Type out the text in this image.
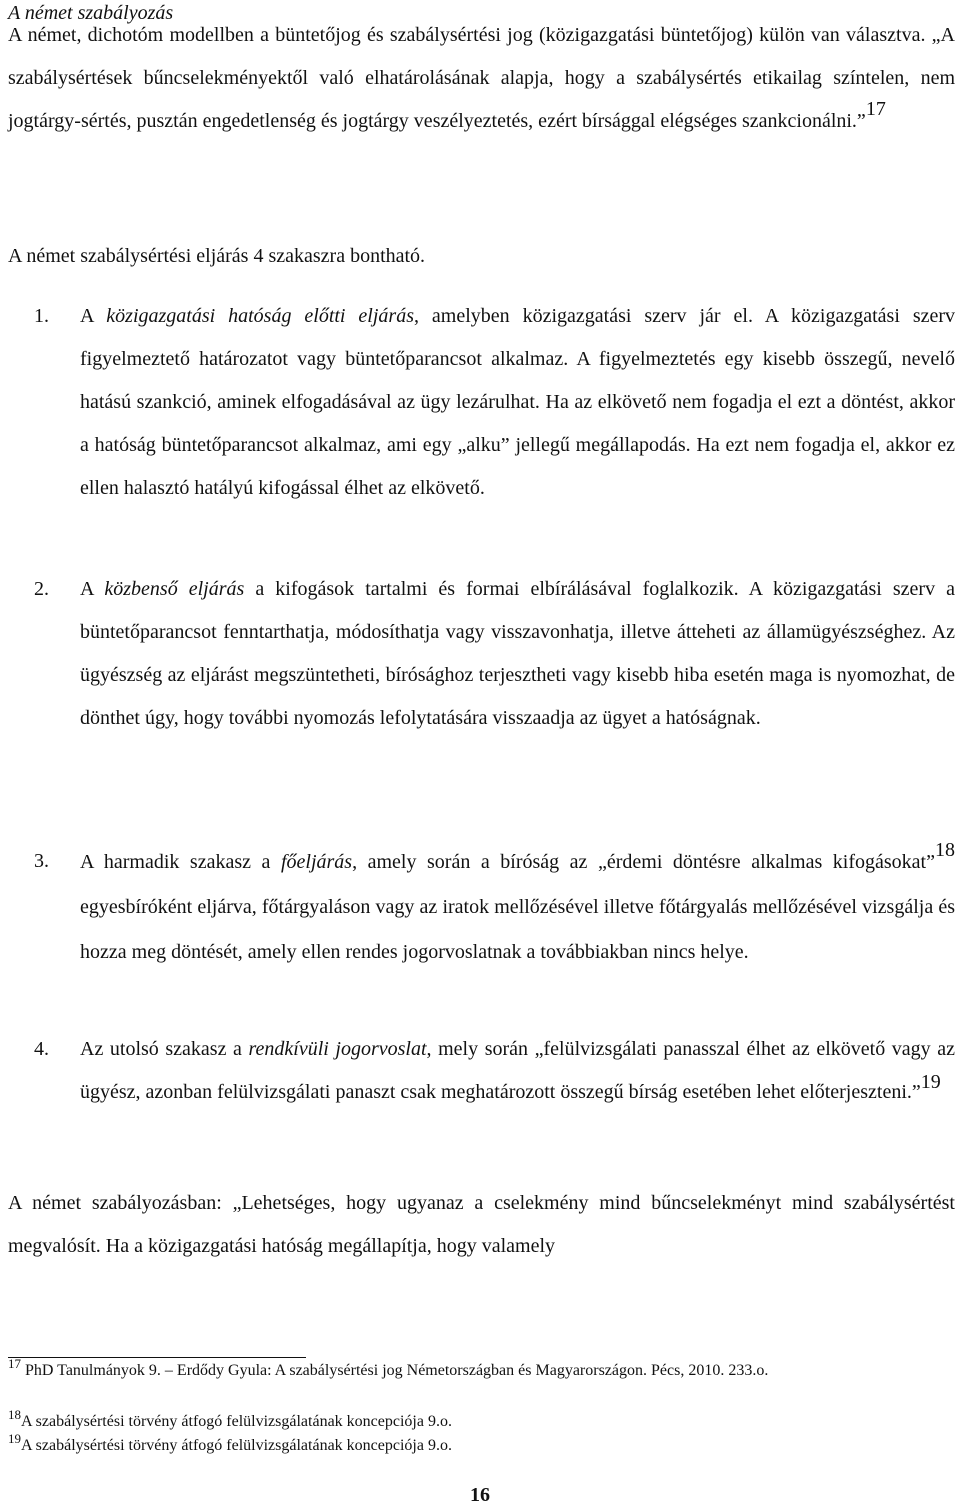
A német szabályozás

A német, dichotóm modellben a büntetőjog és szabálysértési jog (közigazgatási büntetőjog) külön van választva. „A szabálysértések bűncselekményektől való elhatárolásának alapja, hogy a szabálysértés etikailag színtelen, nem jogtárgy-sértés, pusztán engedetlenség és jogtárgy veszélyeztetés, ezért bírsággal elégséges szankcionálni.”$^{17}$

A német szabálysértési eljárás 4 szakaszra bontható.

1. A közigazgatási hatóság előtti eljárás, amelyben közigazgatási szerv jár el. A közigazgatási szerv figyelmeztető határozatot vagy büntetőparancsot alkalmaz. A figyelmeztetés egy kisebb összegű, nevelő hatású szankció, aminek elfogadásával az ügy lezárulhat. Ha az elkövető nem fogadja el ezt a döntést, akkor a hatóság büntetőparancsot alkalmaz, ami egy „alku” jellegű megállapodás. Ha ezt nem fogadja el, akkor ez ellen halasztó hatályú kifogással élhet az elkövető.

2. A közbenső eljárás a kifogások tartalmi és formai elbírálásával foglalkozik. A közigazgatási szerv a büntetőparancsot fenntarthatja, módosíthatja vagy visszavonhatja, illetve átteheti az államügyészséghez. Az ügyészség az eljárást megszüntetheti, bírósághoz terjesztheti vagy kisebb hiba esetén maga is nyomozhat, de dönthet úgy, hogy további nyomozás lefolytatására visszaadja az ügyet a hatóságnak.

3. A harmadik szakasz a főeljárás, amely során a bíróság az „érdemi döntésre alkalmas kifogásokat”$^{18}$ egyesbíróként eljárva, főtárgyaláson vagy az iratok mellőzésével illetve főtárgyalás mellőzésével vizsgálja és hozza meg döntését, amely ellen rendes jogorvoslatnak a továbbiakban nincs helye.

4. Az utolsó szakasz a rendkívüli jogorvoslat, mely során „felülvizsgálati panasszal élhet az elkövető vagy az ügyész, azonban felülvizsgálati panaszt csak meghatározott összegű bírság esetében lehet előterjeszteni.”$^{19}$

A német szabályozásban: „Lehetséges, hogy ugyanaz a cselekmény mind bűncselekményt mind szabálysértést megvalósít. Ha a közigazgatási hatóság megállapítja, hogy valamely

$^{17}$ PhD Tanulmányok 9. – Erdődy Gyula: A szabálysértési jog Németországban és Magyarországon. Pécs, 2010. 233.o.
$^{18}$A szabálysértési törvény átfogó felülvizsgálatának koncepciója 9.o.
$^{19}$A szabálysértési törvény átfogó felülvizsgálatának koncepciója 9.o.
16
